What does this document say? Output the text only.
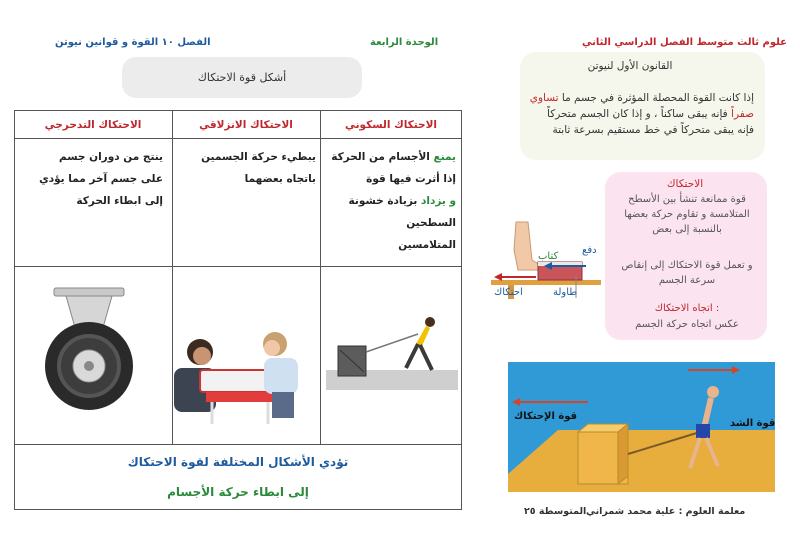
الفصل ١٠ القوة و قوانين نيوتن	الوحدة الرابعة	علوم ثالث متوسط الفصل الدراسي الثاني
القانون الأول لنيوتن
إذا كانت القوة المحصلة المؤثرة في جسم ما تساوي
صفراً فإنه يبقى ساكناً ، و إذا كان الجسم متحركاً
فإنه يبقى متحركاً في خط مستقيم بسرعة ثابتة
الاحتكاك
قوة ممانعة تنشأ بين الأسطح المتلامسة و تقاوم حركة بعضها بالنسبة إلى بعض
و تعمل قوة الاحتكاك إلى إنقاص سرعة الجسم
اتجاه الاحتكاك :
عكس اتجاه حركة الجسم
دفع
كتاب
طاولة
احتكاك
قوة الإحتكاك
قوة الشد
معلمة العلوم : علية محمد شمراني
المتوسطة ٢٥
أشكل قوة الاحتكاك
الاحتكاك السكوني
الاحتكاك الانزلاقي
الاحتكاك التدحرجي
يمنع الأجسام من الحركة
إذا أثرت فيها قوة
و يزداد بزيادة خشونة السطحين
المتلامسين
يبطيء حركة الجسمين باتجاه بعضهما
ينتج من دوران جسم
على جسم آخر مما يؤدي
إلى ابطاء الحركة
تؤدي الأشكال المختلفة لقوة الاحتكاك
إلى ابطاء حركة الأجسام
